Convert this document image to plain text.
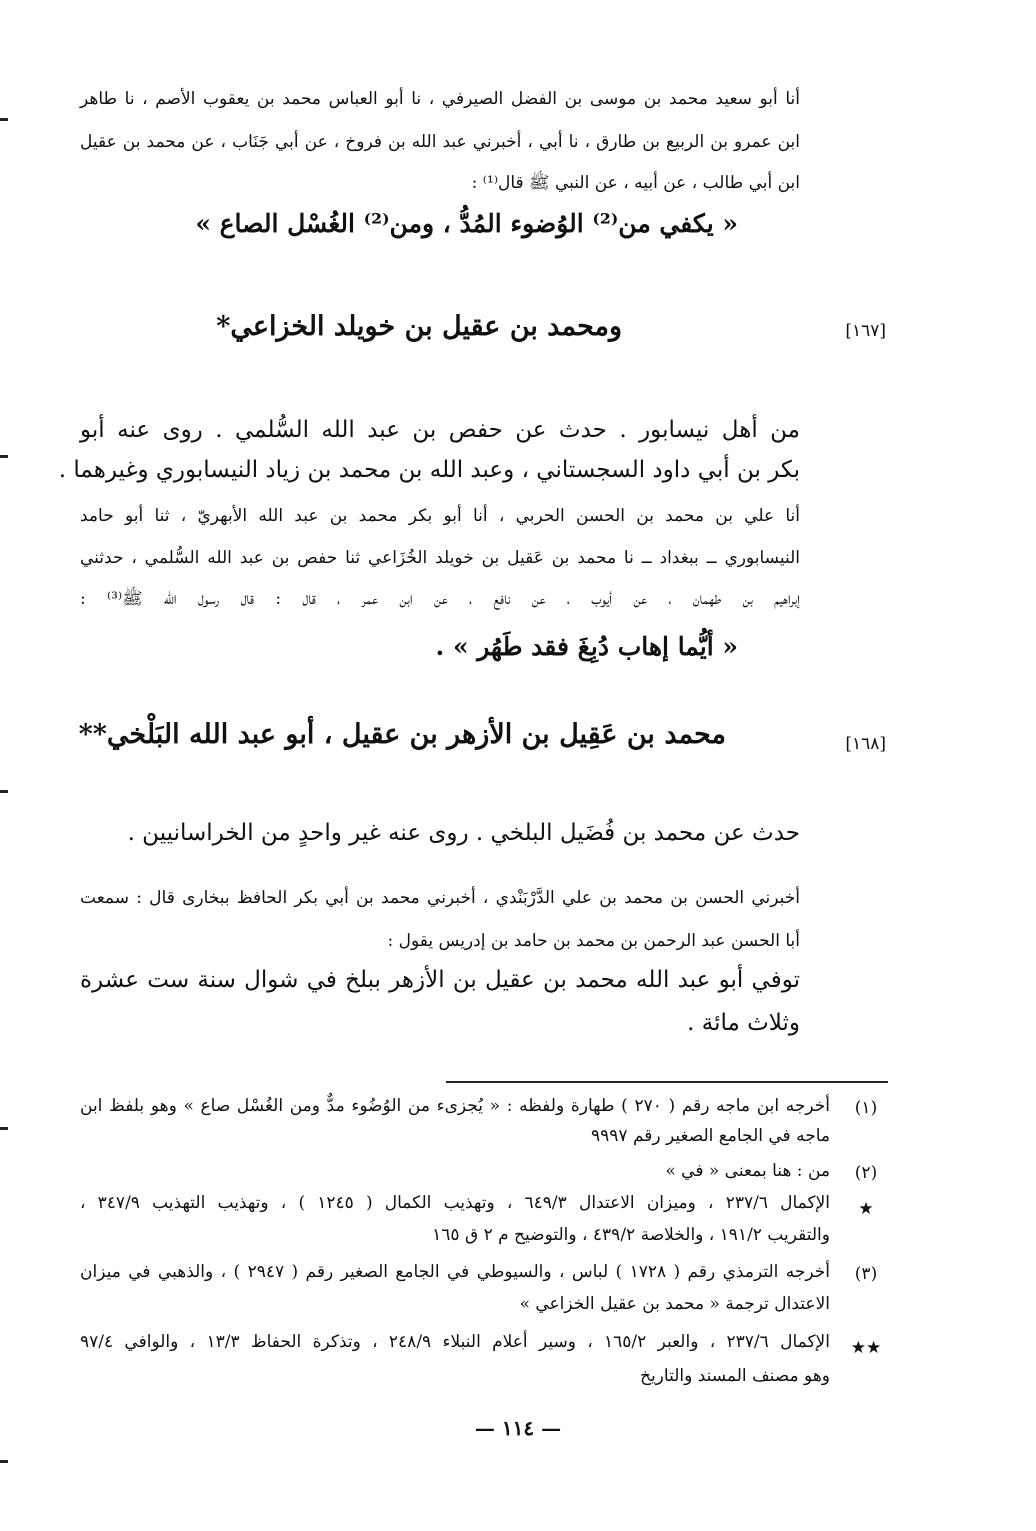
أنا أبو سعيد محمد بن موسى بن الفضل الصيرفي ، نا أبو العباس محمد بن يعقوب الأصم ، نا طاهر
ابن عمرو بن الربيع بن طارق ، نا أبي ، أخبرني عبد الله بن فروخ ، عن أبي جَنَاب ، عن محمد بن عقيل
ابن أبي طالب ، عن أبيه ، عن النبي ﷺ قال⁽¹⁾ :
« يكفي من⁽²⁾ الوُضوء المُدُّ ، ومن⁽²⁾ الغُسْل الصاع »
[١٦٧]
ومحمد بن عقيل بن خويلد الخزاعي*
من أهل نيسابور . حدث عن حفص بن عبد الله السُّلمي . روى عنه أبو
بكر بن أبي داود السجستاني ، وعبد الله بن محمد بن زياد النيسابوري وغيرهما .
أنا علي بن محمد بن الحسن الحربي ، أنا أبو بكر محمد بن عبد الله الأبهريّ ، ثنا أبو حامد
النيسابوري ــ ببغداد ــ نا محمد بن عَقيل بن خويلد الخُزَاعي ثنا حفص بن عبد الله السُّلمي ، حدثني
إبراهيم بن طهمان ، عن أيوب ، عن نافع ، عن ابن عمر ، قال : قال رسول الله ﷺ⁽³⁾ :
« أيُّما إهاب دُبِغَ فقد طَهُر » .
[١٦٨]
محمد بن عَقِيل بن الأزهر بن عقيل ، أبو عبد الله البَلْخي**
حدث عن محمد بن فُضَيل البلخي . روى عنه غير واحدٍ من الخراسانيين .
أخبرني الحسن بن محمد بن علي الدَّرْبَنْدي ، أخبرني محمد بن أبي بكر الحافظ ببخارى قال : سمعت
أبا الحسن عبد الرحمن بن محمد بن حامد بن إدريس يقول :
توفي أبو عبد الله محمد بن عقيل بن الأزهر ببلخ في شوال سنة ست عشرة
وثلاث مائة .
(١)
أخرجه ابن ماجه رقم ( ٢٧٠ ) طهارة ولفظه : « يُجزىء من الوُضُوء مدٌّ ومن الغُسْل صاع » وهو بلفظ ابن
ماجه في الجامع الصغير رقم ٩٩٩٧
(٢)
من : هنا بمعنى « في »
★
الإكمال ٢٣٧/٦ ، وميزان الاعتدال ٦٤٩/٣ ، وتهذيب الكمال ( ١٢٤٥ ) ، وتهذيب التهذيب ٣٤٧/٩ ،
والتقريب ١٩١/٢ ، والخلاصة ٤٣٩/٢ ، والتوضيح م ٢ ق ١٦٥
(٣)
أخرجه الترمذي رقم ( ١٧٢٨ ) لباس ، والسيوطي في الجامع الصغير رقم ( ٢٩٤٧ ) ، والذهبي في ميزان
الاعتدال ترجمة « محمد بن عقيل الخزاعي »
★★
الإكمال ٢٣٧/٦ ، والعبر ١٦٥/٢ ، وسير أعلام النبلاء ٢٤٨/٩ ، وتذكرة الحفاظ ١٣/٣ ، والوافي ٩٧/٤
وهو مصنف المسند والتاريخ
— ١١٤ —
